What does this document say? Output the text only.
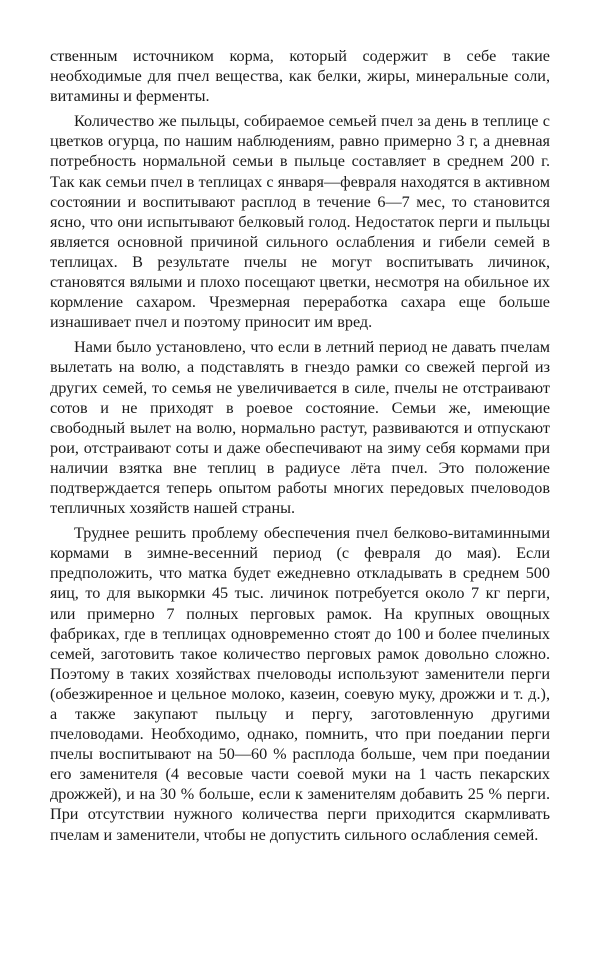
ственным источником корма, который содержит в себе такие необходимые для пчел вещества, как белки, жиры, минеральные соли, витамины и ферменты.

Количество же пыльцы, собираемое семьей пчел за день в теплице с цветков огурца, по нашим наблюдениям, равно примерно 3 г, а дневная потребность нормальной семьи в пыльце составляет в среднем 200 г. Так как семьи пчел в теплицах с января—февраля находятся в активном состоянии и воспитывают расплод в течение 6—7 мес, то становится ясно, что они испытывают белковый голод. Недостаток перги и пыльцы является основной причиной сильного ослабления и гибели семей в теплицах. В результате пчелы не могут воспитывать личинок, становятся вялыми и плохо посещают цветки, несмотря на обильное их кормление сахаром. Чрезмерная переработка сахара еще больше изнашивает пчел и поэтому приносит им вред.

Нами было установлено, что если в летний период не давать пчелам вылетать на волю, а подставлять в гнездо рамки со свежей пергой из других семей, то семья не увеличивается в силе, пчелы не отстраивают сотов и не приходят в роевое состояние. Семьи же, имеющие свободный вылет на волю, нормально растут, развиваются и отпускают рои, отстраивают соты и даже обеспечивают на зиму себя кормами при наличии взятка вне теплиц в радиусе лёта пчел. Это положение подтверждается теперь опытом работы многих передовых пчеловодов тепличных хозяйств нашей страны.

Труднее решить проблему обеспечения пчел белково-витаминными кормами в зимне-весенний период (с февраля до мая). Если предположить, что матка будет ежедневно откладывать в среднем 500 яиц, то для выкормки 45 тыс. личинок потребуется около 7 кг перги, или примерно 7 полных перговых рамок. На крупных овощных фабриках, где в теплицах одновременно стоят до 100 и более пчелиных семей, заготовить такое количество перговых рамок довольно сложно. Поэтому в таких хозяйствах пчеловоды используют заменители перги (обезжиренное и цельное молоко, казеин, соевую муку, дрожжи и т. д.), а также закупают пыльцу и пергу, заготовленную другими пчеловодами. Необходимо, однако, помнить, что при поедании перги пчелы воспитывают на 50—60 % расплода больше, чем при поедании его заменителя (4 весовые части соевой муки на 1 часть пекарских дрожжей), и на 30 % больше, если к заменителям добавить 25 % перги. При отсутствии нужного количества перги приходится скармливать пчелам и заменители, чтобы не допустить сильного ослабления семей.
